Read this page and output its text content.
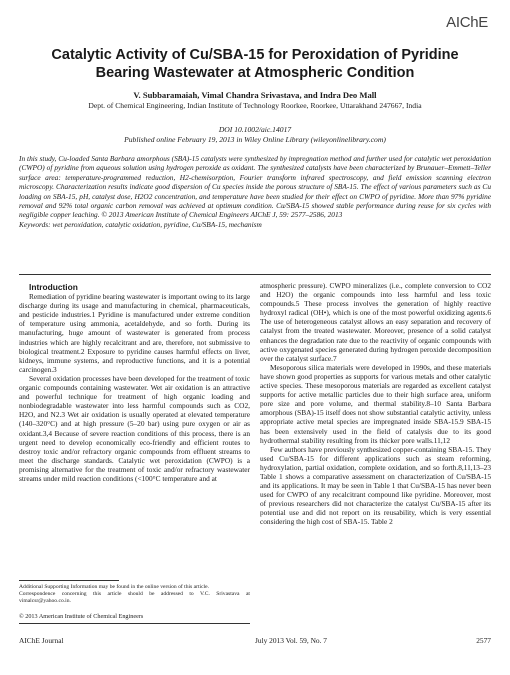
AIChE
Catalytic Activity of Cu/SBA-15 for Peroxidation of Pyridine
Bearing Wastewater at Atmospheric Condition
V. Subbaramaiah, Vimal Chandra Srivastava, and Indra Deo Mall
Dept. of Chemical Engineering, Indian Institute of Technology Roorkee, Roorkee, Uttarakhand 247667, India
DOI 10.1002/aic.14017
Published online February 19, 2013 in Wiley Online Library (wileyonlinelibrary.com)

In this study, Cu-loaded Santa Barbara amorphous (SBA)-15 catalysts were synthesized by impregnation method and further used for catalytic wet peroxidation (CWPO) of pyridine from aqueous solution using hydrogen peroxide as oxidant. The synthesized catalysts have been characterized by Brunauer–Emmett–Teller surface area: temperature-programmed reduction, H2-chemisorption, Fourier transform infrared spectroscopy, and field emission scanning electron microscopy. Characterization results indicate good dispersion of Cu species inside the porous structure of SBA-15. The effect of various parameters such as Cu loading on SBA-15, pH, catalyst dose, H2O2 concentration, and temperature have been studied for their effect on CWPO of pyridine. More than 97% pyridine removal and 92% total organic carbon removal was achieved at optimum condition. Cu/SBA-15 showed stable performance during reuse for six cycles with negligible copper leaching. © 2013 American Institute of Chemical Engineers AIChE J, 59: 2577–2586, 2013

Keywords: wet peroxidation, catalytic oxidation, pyridine, Cu/SBA-15, mechanism

Introduction

Remediation of pyridine bearing wastewater is important owing to its large discharge during its usage and manufacturing in chemical, pharmaceuticals, and pesticide industries.1 Pyridine is manufactured under extreme condition of temperature using ammonia, acetaldehyde, and so forth. During its manufacturing, huge amount of wastewater is generated from process industries which are highly recalcitrant and are, therefore, not submissive to biological treatment.2 Exposure to pyridine causes harmful effects on liver, kidneys, immune systems, and reproductive functions, and it is a potential carcinogen.3

Several oxidation processes have been developed for the treatment of toxic organic compounds containing wastewater. Wet air oxidation is an attractive and powerful technique for treatment of high organic loading and nonbiodegradable wastewater into less harmful compounds such as CO2, H2O, and N2.3 Wet air oxidation is usually operated at elevated temperature (140–320°C) and at high pressure (5–20 bar) using pure oxygen or air as oxidant.3,4 Because of severe reaction conditions of this process, there is an urgent need to develop economically eco-friendly and efficient routes to destroy toxic and/or refractory organic compounds from effluent streams to meet the discharge standards. Catalytic wet peroxidation (CWPO) is a promising alternative for the treatment of toxic and/or refractory wastewater streams under mild reaction conditions (<100°C temperature and at

atmospheric pressure). CWPO mineralizes (i.e., complete conversion to CO2 and H2O) the organic compounds into less harmful and less toxic compounds.5 These process involves the generation of highly reactive hydroxyl radical (OH•), which is one of the most powerful oxidizing agents.6 The use of heterogeneous catalyst allows an easy separation and recovery of catalyst from the treated wastewater. Moreover, presence of a solid catalyst enhances the degradation rate due to the reactivity of organic compounds with active oxygenated species generated during hydrogen peroxide decomposition over the catalyst surface.7

Mesoporous silica materials were developed in 1990s, and these materials have shown good properties as supports for various metals and other catalytic active species. These mesoporous materials are regarded as excellent catalyst supports for active metallic particles due to their high surface area, uniform pore size and pore volume, and thermal stability.8–10 Santa Barbara amorphous (SBA)-15 itself does not show substantial catalytic activity, unless appropriate active metal species are impregnated inside SBA-15.9 SBA-15 has been extensively used in the field of catalysis due to its good hydrothermal stability resulting from its thicker pore walls.11,12

Few authors have previously synthesized copper-containing SBA-15. They used Cu/SBA-15 for different applications such as steam reforming, hydroxylation, partial oxidation, complete oxidation, and so forth.8,11,13–23 Table 1 shows a comparative assessment on characterization of Cu/SBA-15 and its applications. It may be seen in Table 1 that Cu/SBA-15 has never been used for CWPO of any recalcitrant compound like pyridine. Moreover, most of previous researchers did not characterize the catalyst Cu/SBA-15 after its potential use and did not report on its reusability, which is very essential considering the high cost of SBA-15. Table 2

Additional Supporting Information may be found in the online version of this article.

Correspondence concerning this article should be addressed to V.C. Srivastava at vimalcsr@yahoo.co.in.

© 2013 American Institute of Chemical Engineers
AIChE Journal	July 2013 Vol. 59, No. 7	2577
